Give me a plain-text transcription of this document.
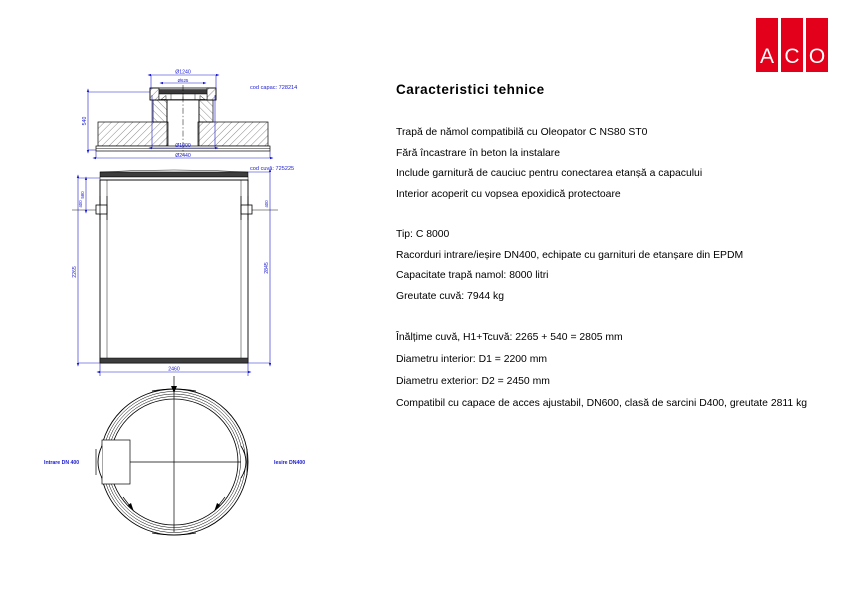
A C O
Ø1240
Ø625
540
Ø1000
Ø2440
cod capac: 728214
cod cuvă: 725225
400	400
580
2265	2845
2460
Intrare DN 400	Iesire DN400
Caracteristici tehnice
Trapă de nămol compatibilă cu Oleopator C NS80 ST0
Fără încastrare în beton la instalare
Include garnitură de cauciuc pentru conectarea etanșă a capacului
Interior acoperit cu vopsea epoxidică protectoare
Tip: C 8000
Racorduri intrare/ieșire DN400, echipate cu garnituri de etanșare din EPDM
Capacitate trapă namol: 8000 litri
Greutate cuvă: 7944 kg
Înălțime cuvă, H1+Tcuvă: 2265 + 540 = 2805 mm
Diametru interior: D1 = 2200 mm
Diametru exterior: D2 = 2450 mm
Compatibil cu capace de acces ajustabil, DN600, clasă de sarcini D400, greutate 2811 kg
